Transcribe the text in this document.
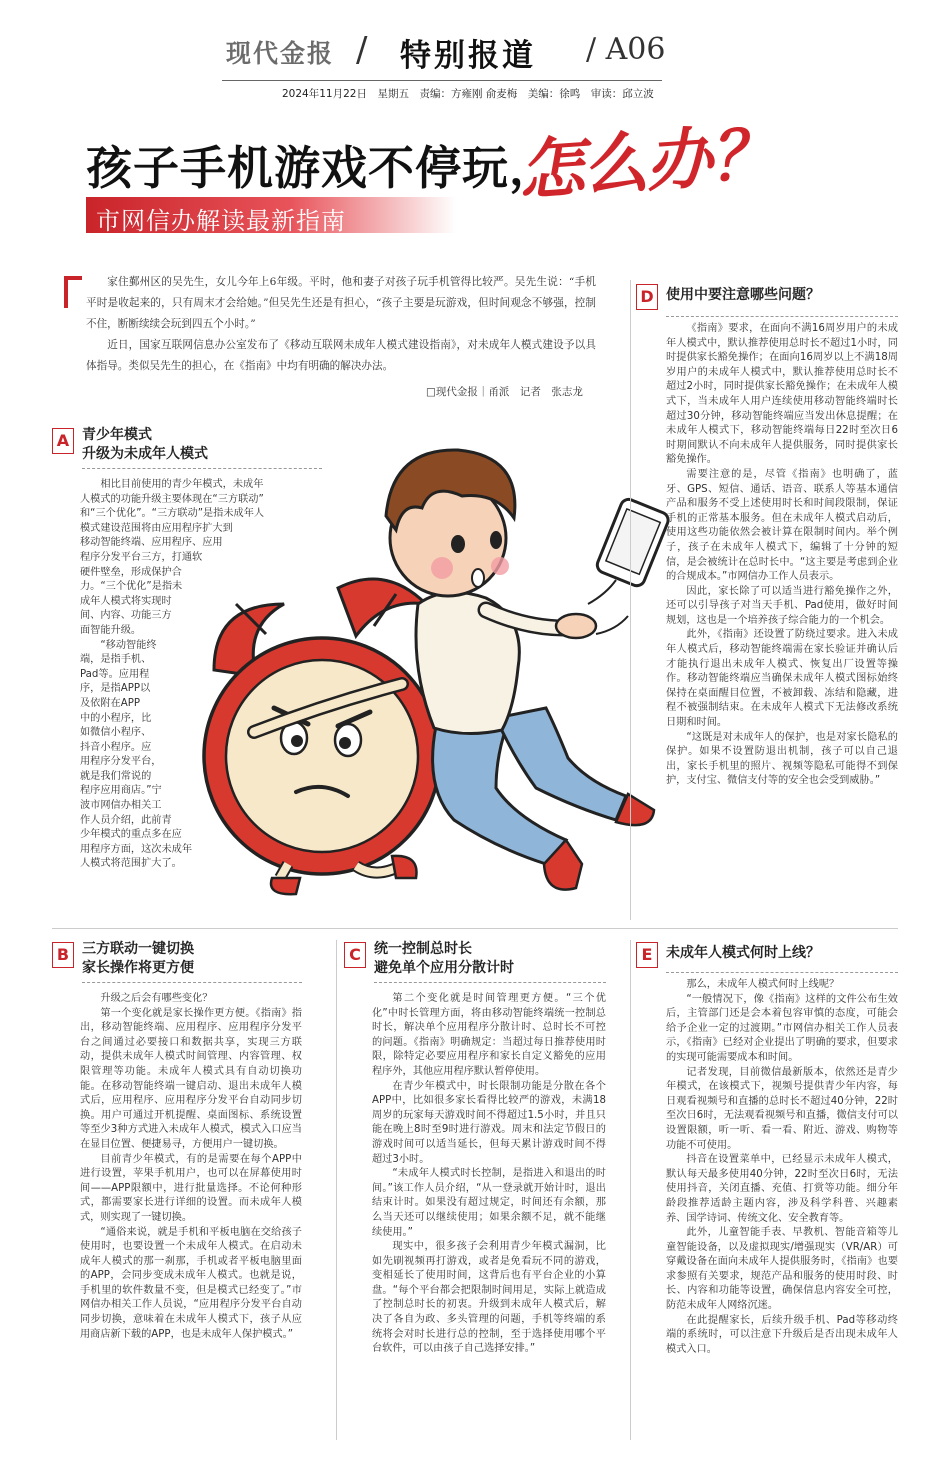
现代金报 / 特别报道 / A06
2024年11月22日　星期五　责编：方雍刚 俞麦梅　美编：徐鸣　审读：邱立波
孩子手机游戏不停玩，
怎么办？
市网信办解读最新指南

家住鄞州区的吴先生，女儿今年上6年级。平时，他和妻子对孩子玩手机管得比较严。吴先生说：“手机平时是收起来的，只有周末才会给她。”但吴先生还是有担心，“孩子主要是玩游戏，但时间观念不够强，控制不住，断断续续会玩到四五个小时。”

近日，国家互联网信息办公室发布了《移动互联网未成年人模式建设指南》，对未成年人模式建设予以具体指导。类似吴先生的担心，在《指南》中均有明确的解决办法。

□现代金报｜甬派　记者　张志龙
A 青少年模式
升级为未成年人模式
相比目前使用的青少年模式，未成年
人模式的功能升级主要体现在“三方联动”
和“三个优化”。“三方联动”是指未成年人
模式建设范围将由应用程序扩大到
移动智能终端、应用程序、应用
程序分发平台三方，打通软
硬件壁垒，形成保护合
力。“三个优化”是指未
成年人模式将实现时
间、内容、功能三方
面智能升级。
“移动智能终
端，是指手机、
Pad等。应用程
序，是指APP以
及依附在APP
中的小程序，比
如微信小程序、
抖音小程序。应
用程序分发平台，
就是我们常说的
程序应用商店。”宁
波市网信办相关工
作人员介绍，此前青
少年模式的重点多在应
用程序方面，这次未成年
人模式将范围扩大了。
D 使用中要注意哪些问题？

《指南》要求，在面向不满16周岁用户的未成年人模式中，默认推荐使用总时长不超过1小时，同时提供家长豁免操作；在面向16周岁以上不满18周岁用户的未成年人模式中，默认推荐使用总时长不超过2小时，同时提供家长豁免操作；在未成年人模式下，当未成年人用户连续使用移动智能终端时长超过30分钟，移动智能终端应当发出休息提醒；在未成年人模式下，移动智能终端每日22时至次日6时期间默认不向未成年人提供服务，同时提供家长豁免操作。

需要注意的是，尽管《指南》也明确了，蓝牙、GPS、短信、通话、语音、联系人等基本通信产品和服务不受上述使用时长和时间段限制，保证手机的正常基本服务。但在未成年人模式启动后，使用这些功能依然会被计算在限制时间内。举个例子，孩子在未成年人模式下，编辑了十分钟的短信，是会被统计在总时长中。“这主要是考虑到企业的合规成本。”市网信办工作人员表示。

因此，家长除了可以适当进行豁免操作之外，还可以引导孩子对当天手机、Pad使用，做好时间规划，这也是一个培养孩子综合能力的一个机会。

此外，《指南》还设置了防绕过要求。进入未成年人模式后，移动智能终端需在家长验证并确认后才能执行退出未成年人模式、恢复出厂设置等操作。移动智能终端应当确保未成年人模式图标始终保持在桌面醒目位置，不被卸载、冻结和隐藏，进程不被强制结束。在未成年人模式下无法修改系统日期和时间。

“这既是对未成年人的保护，也是对家长隐私的保护。如果不设置防退出机制，孩子可以自己退出，家长手机里的照片、视频等隐私可能得不到保护，支付宝、微信支付等的安全也会受到威胁。”

B 三方联动一键切换
家长操作将更方便

升级之后会有哪些变化？

第一个变化就是家长操作更方便。《指南》指出，移动智能终端、应用程序、应用程序分发平台之间通过必要接口和数据共享，实现三方联动，提供未成年人模式时间管理、内容管理、权限管理等功能。未成年人模式具有自动切换功能。在移动智能终端一键启动、退出未成年人模式后，应用程序、应用程序分发平台自动同步切换。用户可通过开机提醒、桌面图标、系统设置等至少3种方式进入未成年人模式，模式入口应当在显目位置、便捷易寻，方便用户一键切换。

目前青少年模式，有的是需要在每个APP中进行设置，苹果手机用户，也可以在屏幕使用时间——APP限额中，进行批量选择。不论何种形式，都需要家长进行详细的设置。而未成年人模式，则实现了一键切换。

“通俗来说，就是手机和平板电脑在交给孩子使用时，也要设置一个未成年人模式。在启动未成年人模式的那一刹那，手机或者平板电脑里面的APP，会同步变成未成年人模式。也就是说，手机里的软件数量不变，但是模式已经变了。”市网信办相关工作人员说，“应用程序分发平台自动同步切换，意味着在未成年人模式下，孩子从应用商店新下载的APP，也是未成年人保护模式。”

C 统一控制总时长
避免单个应用分散计时

第二个变化就是时间管理更方便。“三个优化”中时长管理方面，将由移动智能终端统一控制总时长，解决单个应用程序分散计时、总时长不可控的问题。《指南》明确规定：当超过每日推荐使用时限，除特定必要应用程序和家长自定义豁免的应用程序外，其他应用程序默认暂停使用。

在青少年模式中，时长限制功能是分散在各个APP中，比如很多家长看得比较严的游戏，未满18周岁的玩家每天游戏时间不得超过1.5小时，并且只能在晚上8时至9时进行游戏。周末和法定节假日的游戏时间可以适当延长，但每天累计游戏时间不得超过3小时。

“未成年人模式时长控制，是指进入和退出的时间。”该工作人员介绍，“从一登录就开始计时，退出结束计时。如果没有超过规定，时间还有余额，那么当天还可以继续使用；如果余额不足，就不能继续使用。”

现实中，很多孩子会利用青少年模式漏洞，比如先刷视频再打游戏，或者是免看玩不同的游戏，变相延长了使用时间，这背后也有平台企业的小算盘。“每个平台都会把限制时间用足，实际上就造成了控制总时长的初衷。升级到未成年人模式后，解决了各自为政、多头管理的问题，手机等终端的系统将会对时长进行总的控制，至于选择使用哪个平台软件，可以由孩子自己选择安排。”

E 未成年人模式何时上线？

那么，未成年人模式何时上线呢？

“一般情况下，像《指南》这样的文件公布生效后，主管部门还是会本着包容审慎的态度，可能会给予企业一定的过渡期。”市网信办相关工作人员表示，《指南》已经对企业提出了明确的要求，但要求的实现可能需要成本和时间。

记者发现，目前微信最新版本，依然还是青少年模式，在该模式下，视频号提供青少年内容，每日观看视频号和直播的总时长不超过40分钟，22时至次日6时，无法观看视频号和直播，微信支付可以设置限额，听一听、看一看、附近、游戏、购物等功能不可使用。

抖音在设置菜单中，已经显示未成年人模式，默认每天最多使用40分钟，22时至次日6时，无法使用抖音，关闭直播、充值、打赏等功能。细分年龄段推荐适龄主题内容，涉及科学科普、兴趣素养、国学诗词、传统文化、安全教育等。

此外，儿童智能手表、早教机、智能音箱等儿童智能设备，以及虚拟现实/增强现实（VR/AR）可穿戴设备在面向未成年人提供服务时，《指南》也要求参照有关要求，规范产品和服务的使用时段、时长、内容和功能等设置，确保信息内容安全可控，防范未成年人网络沉迷。

在此提醒家长，后续升级手机、Pad等移动终端的系统时，可以注意下升级后是否出现未成年人模式入口。
